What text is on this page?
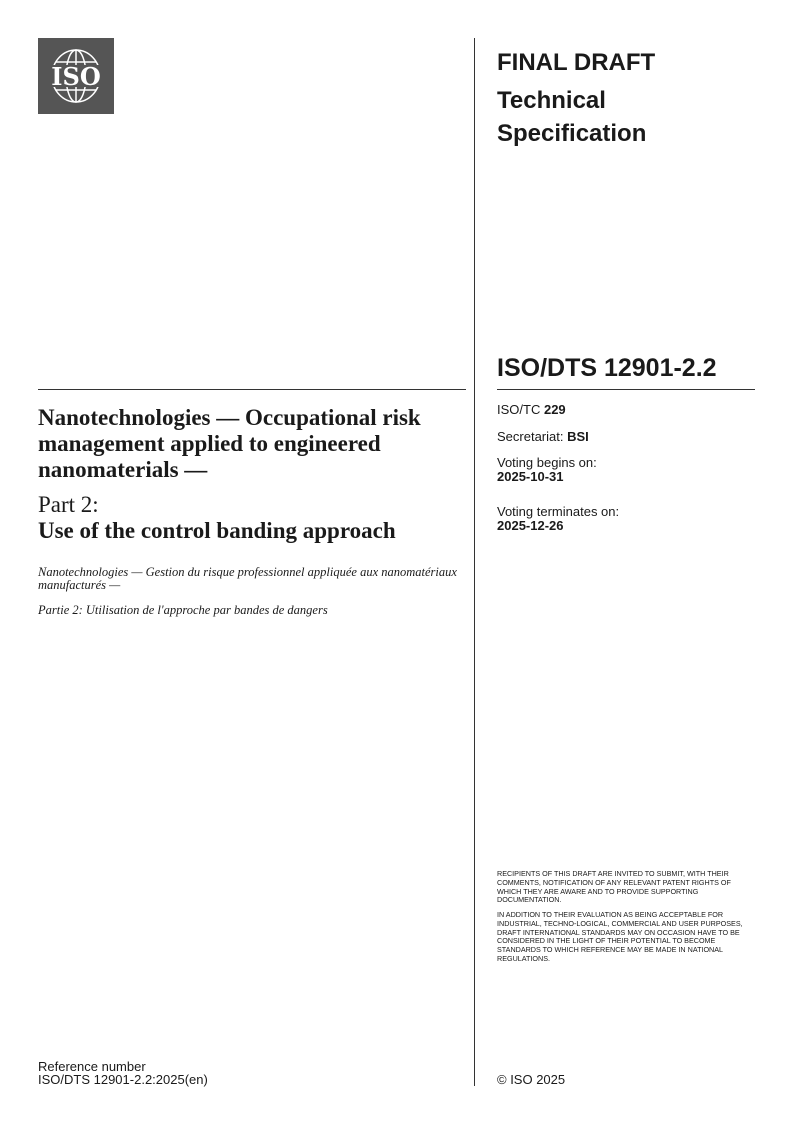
ISO	FINAL DRAFT
Technical
Specification
ISO/DTS 12901-2.2
Nanotechnologies — Occupational risk management applied to engineered nanomaterials —
Part 2:
Use of the control banding approach
Nanotechnologies — Gestion du risque professionnel appliquée aux nanomatériaux manufacturés —
Partie 2: Utilisation de l'approche par bandes de dangers
ISO/TC 229
Secretariat: BSI
Voting begins on:
2025-10-31
Voting terminates on:
2025-12-26
RECIPIENTS OF THIS DRAFT ARE INVITED TO SUBMIT, WITH THEIR COMMENTS, NOTIFICATION OF ANY RELEVANT PATENT RIGHTS OF WHICH THEY ARE AWARE AND TO PROVIDE SUPPORTING DOCUMENTATION.
IN ADDITION TO THEIR EVALUATION AS BEING ACCEPTABLE FOR INDUSTRIAL, TECHNO-LOGICAL, COMMERCIAL AND USER PURPOSES, DRAFT INTERNATIONAL STANDARDS MAY ON OCCASION HAVE TO BE CONSIDERED IN THE LIGHT OF THEIR POTENTIAL TO BECOME STANDARDS TO WHICH REFERENCE MAY BE MADE IN NATIONAL REGULATIONS.
Reference number
ISO/DTS 12901-2.2:2025(en)	© ISO 2025
